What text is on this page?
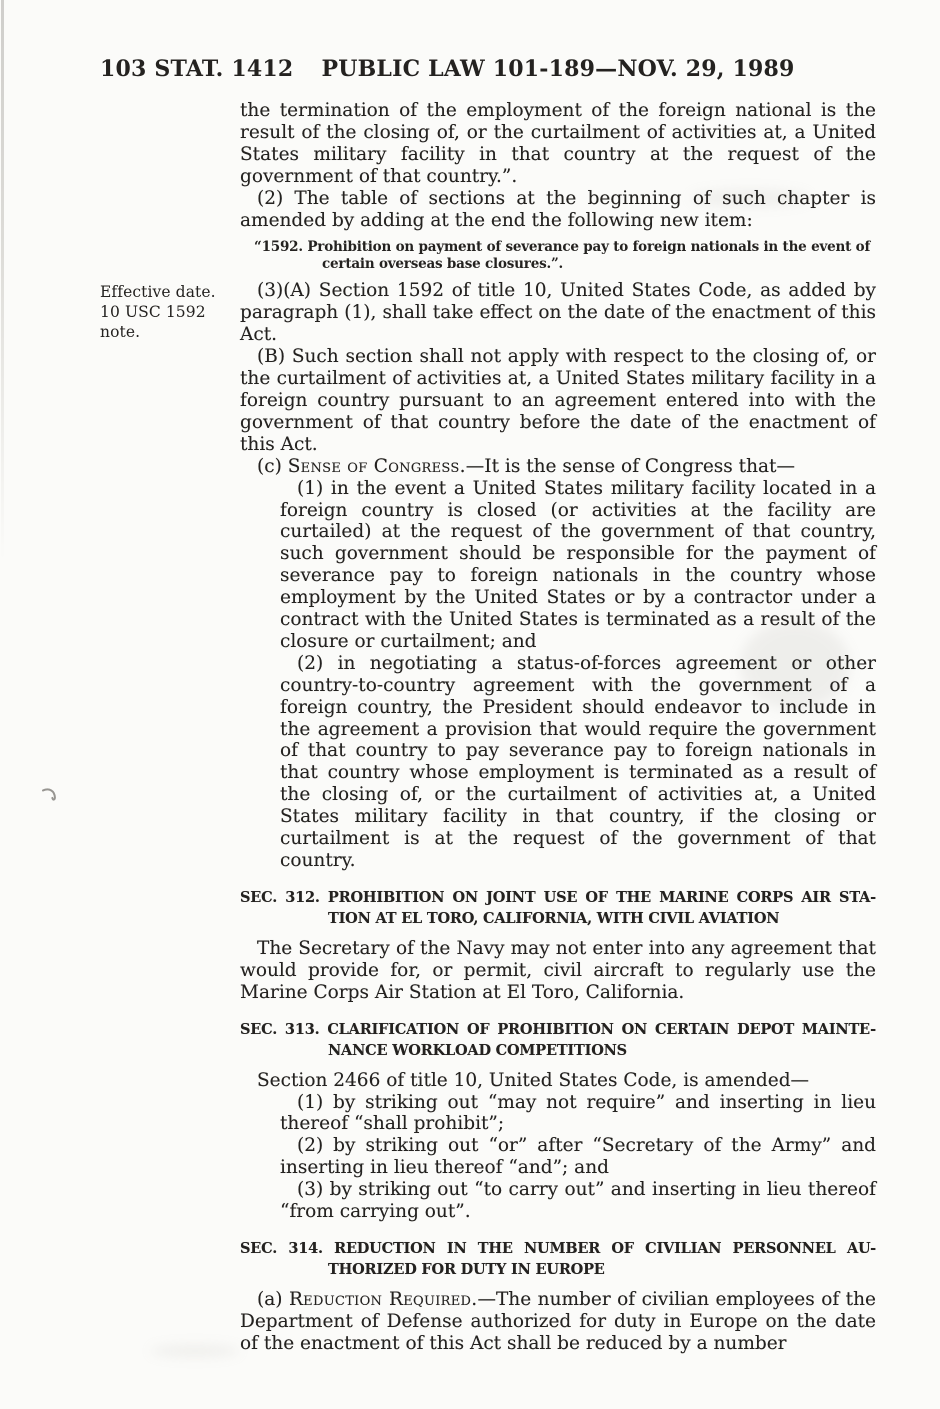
103 STAT. 1412	PUBLIC LAW 101-189—NOV. 29, 1989
Effective date.
10 USC 1592
note.

the termination of the employment of the foreign national is the result of the closing of, or the curtailment of activities at, a United States military facility in that country at the request of the government of that country.”.

(2) The table of sections at the beginning of such chapter is amended by adding at the end the following new item:

“1592. Prohibition on payment of severance pay to foreign nationals in the event of
certain overseas base closures.”.

(3)(A) Section 1592 of title 10, United States Code, as added by paragraph (1), shall take effect on the date of the enactment of this Act.

(B) Such section shall not apply with respect to the closing of, or the curtailment of activities at, a United States military facility in a foreign country pursuant to an agreement entered into with the government of that country before the date of the enactment of this Act.

(c) Sense of Congress.—It is the sense of Congress that—

(1) in the event a United States military facility located in a foreign country is closed (or activities at the facility are curtailed) at the request of the government of that country, such government should be responsible for the payment of severance pay to foreign nationals in the country whose employment by the United States or by a contractor under a contract with the United States is terminated as a result of the closure or curtailment; and

(2) in negotiating a status-of-forces agreement or other country-to-country agreement with the government of a foreign country, the President should endeavor to include in the agreement a provision that would require the government of that country to pay severance pay to foreign nationals in that country whose employment is terminated as a result of the closing of, or the curtailment of activities at, a United States military facility in that country, if the closing or curtailment is at the request of the government of that country.

SEC. 312. PROHIBITION ON JOINT USE OF THE MARINE CORPS AIR STA-
TION AT EL TORO, CALIFORNIA, WITH CIVIL AVIATION

The Secretary of the Navy may not enter into any agreement that would provide for, or permit, civil aircraft to regularly use the Marine Corps Air Station at El Toro, California.

SEC. 313. CLARIFICATION OF PROHIBITION ON CERTAIN DEPOT MAINTE-
NANCE WORKLOAD COMPETITIONS

Section 2466 of title 10, United States Code, is amended—

(1) by striking out “may not require” and inserting in lieu thereof “shall prohibit”;

(2) by striking out “or” after “Secretary of the Army” and inserting in lieu thereof “and”; and

(3) by striking out “to carry out” and inserting in lieu thereof “from carrying out”.

SEC. 314. REDUCTION IN THE NUMBER OF CIVILIAN PERSONNEL AU-
THORIZED FOR DUTY IN EUROPE

(a) Reduction Required.—The number of civilian employees of the Department of Defense authorized for duty in Europe on the date of the enactment of this Act shall be reduced by a number
